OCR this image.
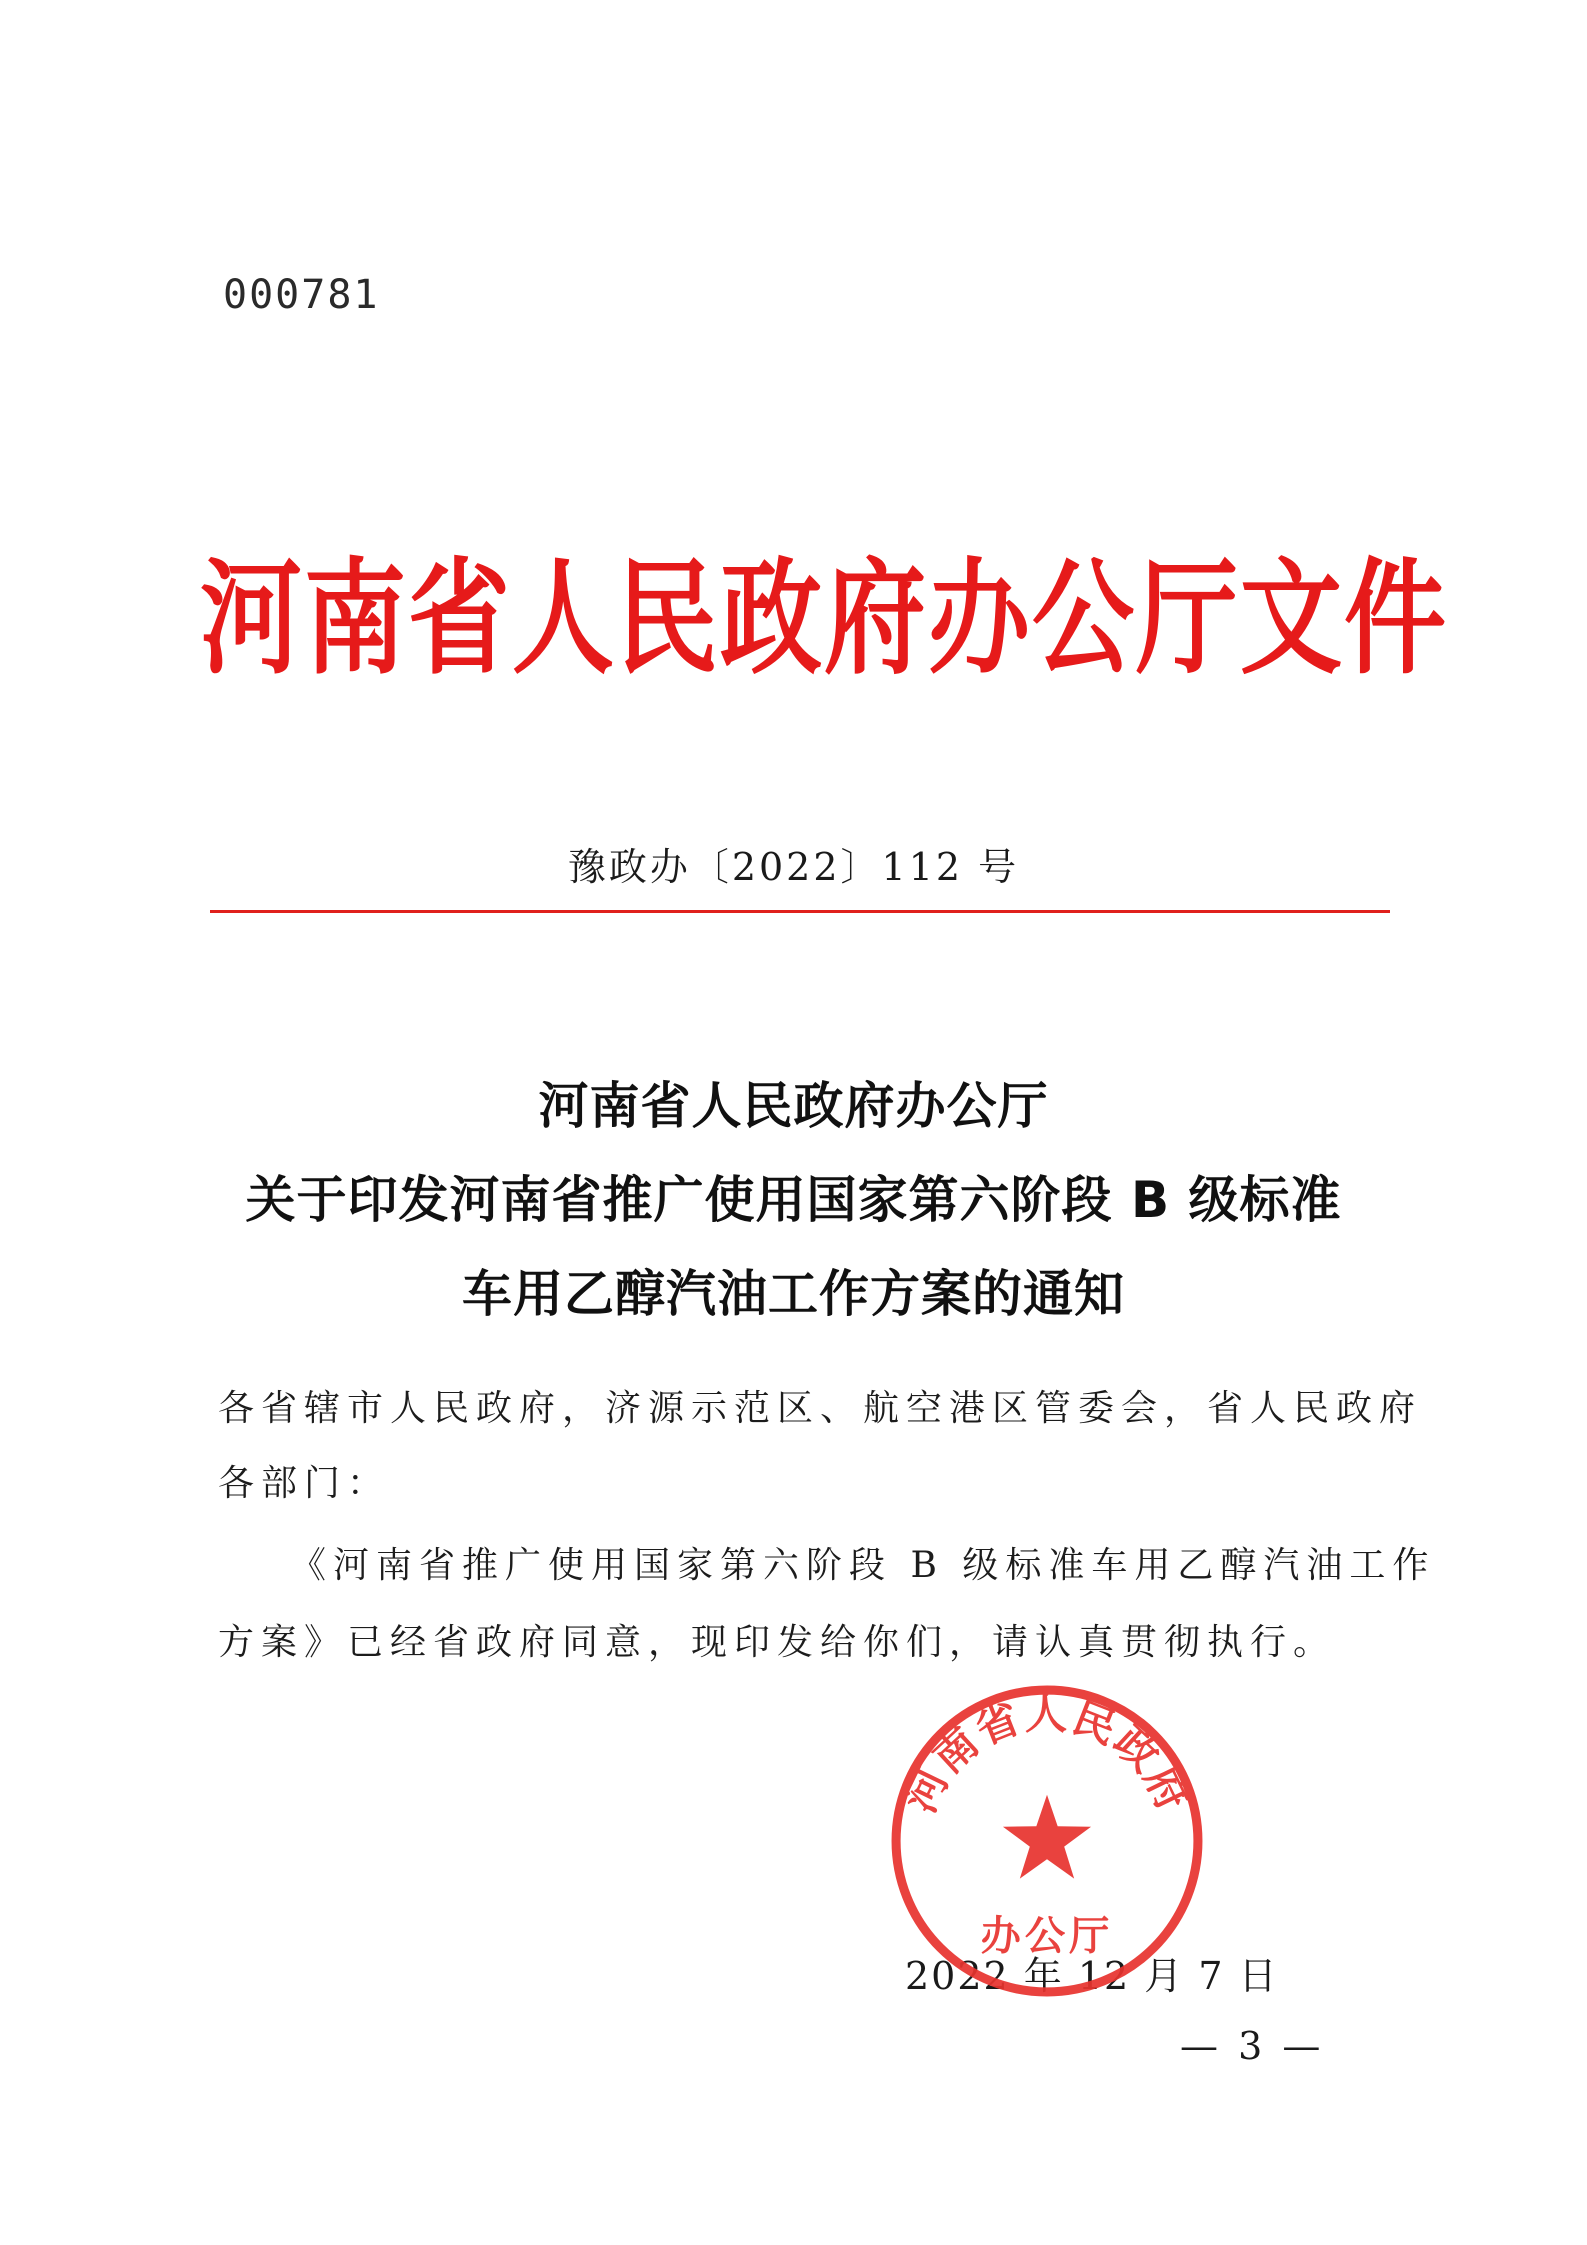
000781
河南省人民政府办公厅文件
豫政办〔2022〕112 号
河南省人民政府办公厅
关于印发河南省推广使用国家第六阶段 B 级标准
车用乙醇汽油工作方案的通知
各省辖市人民政府，济源示范区、航空港区管委会，省人民政府
各部门：
《河南省推广使用国家第六阶段 B 级标准车用乙醇汽油工作
方案》已经省政府同意，现印发给你们，请认真贯彻执行。
2022 年 12 月 7 日
河南省人民政府
办公厅
— 3 —
